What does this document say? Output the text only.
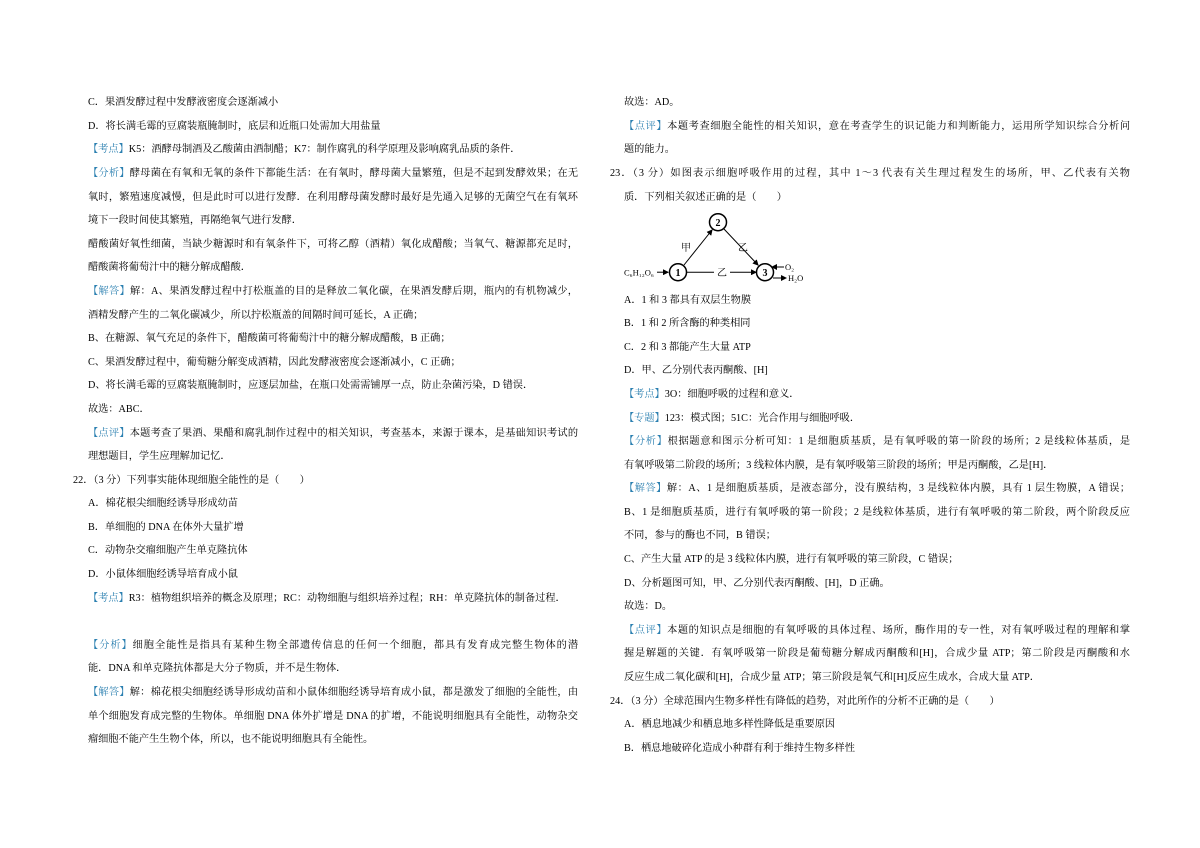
C．果酒发酵过程中发酵液密度会逐渐减小
D．将长满毛霉的豆腐装瓶腌制时，底层和近瓶口处需加大用盐量
【考点】K5：酒酵母制酒及乙酸菌由酒制醋；K7：制作腐乳的科学原理及影响腐乳品质的条件．
【分析】酵母菌在有氧和无氧的条件下都能生活：在有氧时，酵母菌大量繁殖，但是不起到发酵效果；在无
氧时，繁殖速度减慢，但是此时可以进行发酵．在利用酵母菌发酵时最好是先通入足够的无菌空气在有氧环
境下一段时间使其繁殖，再隔绝氧气进行发酵．
醋酸菌好氧性细菌，当缺少糖源时和有氧条件下，可将乙醇（酒精）氧化成醋酸；当氧气、糖源都充足时，
醋酸菌将葡萄汁中的糖分解成醋酸．
【解答】解：A、果酒发酵过程中打松瓶盖的目的是释放二氧化碳，在果酒发酵后期，瓶内的有机物减少，
酒精发酵产生的二氧化碳减少，所以拧松瓶盖的间隔时间可延长，A 正确；
B、在糖源、氧气充足的条件下，醋酸菌可将葡萄汁中的糖分解成醋酸，B 正确；
C、果酒发酵过程中，葡萄糖分解变成酒精，因此发酵液密度会逐渐减小，C 正确；
D、将长满毛霉的豆腐装瓶腌制时，应逐层加盐，在瓶口处需需铺厚一点，防止杂菌污染，D 错误．
故选：ABC．
【点评】本题考查了果酒、果醋和腐乳制作过程中的相关知识，考查基本，来源于课本，是基础知识考试的
理想题目，学生应理解加记忆．
22．（3 分）下列事实能体现细胞全能性的是（　　）
A．棉花根尖细胞经诱导形成幼苗
B．单细胞的 DNA 在体外大量扩增
C．动物杂交瘤细胞产生单克隆抗体
D．小鼠体细胞经诱导培育成小鼠
【考点】R3：植物组织培养的概念及原理；RC：动物细胞与组织培养过程；RH：单克隆抗体的制备过程．
【分析】细胞全能性是指具有某种生物全部遗传信息的任何一个细胞，都具有发育成完整生物体的潜
能．DNA 和单克隆抗体都是大分子物质，并不是生物体．
【解答】解：棉花根尖细胞经诱导形成幼苗和小鼠体细胞经诱导培育成小鼠，都是激发了细胞的全能性，由
单个细胞发育成完整的生物体。单细胞 DNA 体外扩增是 DNA 的扩增，不能说明细胞具有全能性，动物杂交
瘤细胞不能产生生物个体，所以，也不能说明细胞具有全能性。
故选：AD。
【点评】本题考查细胞全能性的相关知识，意在考查学生的识记能力和判断能力，运用所学知识综合分析问
题的能力。
23．（3 分）如图表示细胞呼吸作用的过程，其中 1～3 代表有关生理过程发生的场所，甲、乙代表有关物
质．下列相关叙述正确的是（　　）
C₆H₁₂O₆ 1
2
3
甲	乙
乙
O₂
H₂O
A．1 和 3 都具有双层生物膜
B．1 和 2 所含酶的种类相同
C．2 和 3 都能产生大量 ATP
D．甲、乙分别代表丙酮酸、[H]
【考点】3O：细胞呼吸的过程和意义．
【专题】123：模式图；51C：光合作用与细胞呼吸．
【分析】根据题意和图示分析可知：1 是细胞质基质，是有氧呼吸的第一阶段的场所；2 是线粒体基质，是
有氧呼吸第二阶段的场所；3 线粒体内膜，是有氧呼吸第三阶段的场所；甲是丙酮酸，乙是[H]．
【解答】解：A、1 是细胞质基质，是液态部分，没有膜结构，3 是线粒体内膜，具有 1 层生物膜，A 错误；
B、1 是细胞质基质，进行有氧呼吸的第一阶段；2 是线粒体基质，进行有氧呼吸的第二阶段，两个阶段反应
不同，参与的酶也不同，B 错误；
C、产生大量 ATP 的是 3 线粒体内膜，进行有氧呼吸的第三阶段，C 错误；
D、分析题图可知，甲、乙分别代表丙酮酸、[H]，D 正确。
故选：D。
【点评】本题的知识点是细胞的有氧呼吸的具体过程、场所，酶作用的专一性，对有氧呼吸过程的理解和掌
握是解题的关键．有氧呼吸第一阶段是葡萄糖分解成丙酮酸和[H]，合成少量 ATP；第二阶段是丙酮酸和水
反应生成二氧化碳和[H]，合成少量 ATP；第三阶段是氧气和[H]反应生成水，合成大量 ATP．
24．（3 分）全球范围内生物多样性有降低的趋势，对此所作的分析不正确的是（　　）
A．栖息地减少和栖息地多样性降低是重要原因
B．栖息地破碎化造成小种群有利于维持生物多样性
